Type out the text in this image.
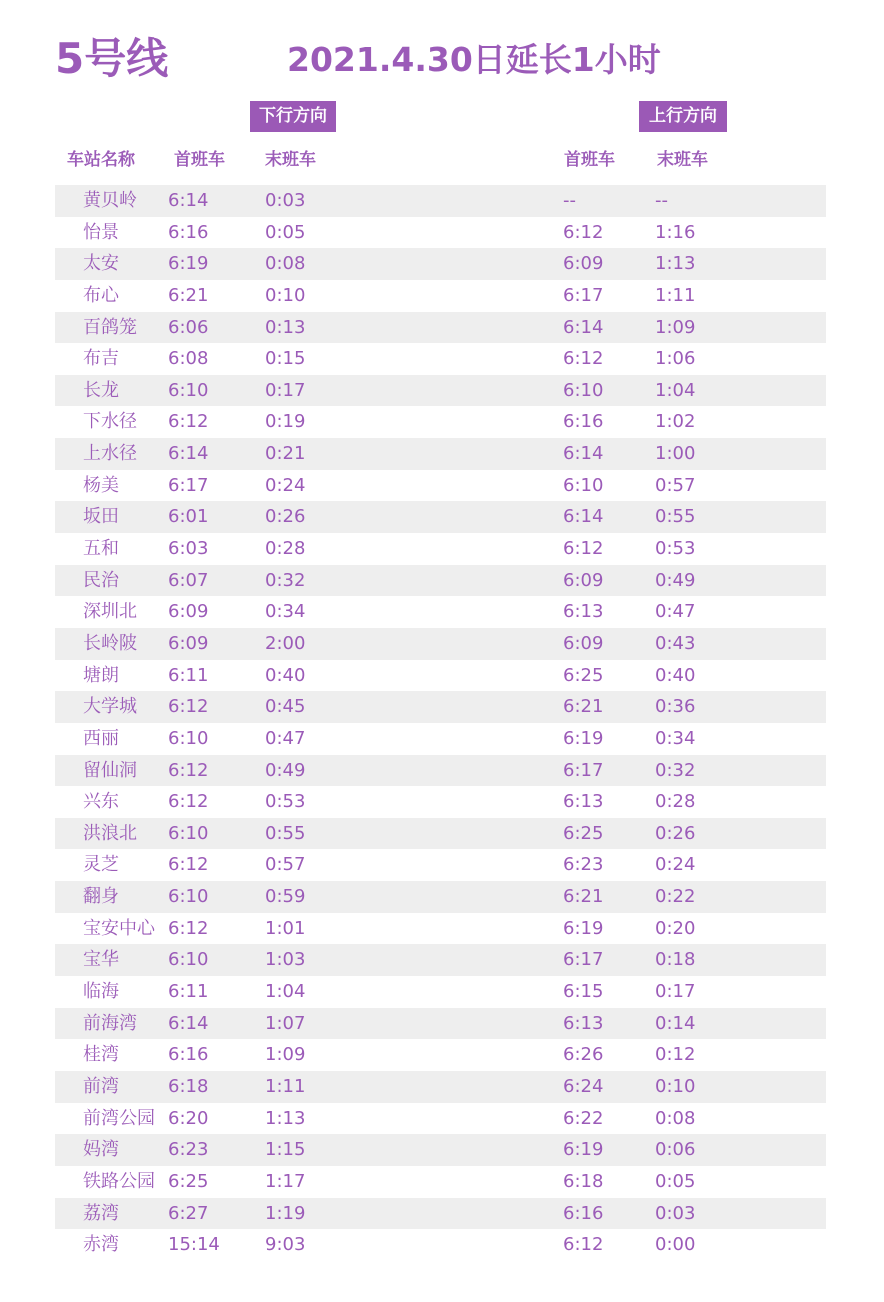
5号线	2021.4.30日延长1小时
下行方向	上行方向
车站名称 首班车 末班车	首班车 末班车
黄贝岭 6:14	0:03	--	--
怡景	6:16	0:05	6:12	1:16
太安	6:19	0:08	6:09	1:13
布心	6:21	0:10	6:17	1:11
百鸽笼 6:06	0:13	6:14	1:09
布吉	6:08	0:15	6:12	1:06
长龙	6:10	0:17	6:10	1:04
下水径 6:12	0:19	6:16	1:02
上水径 6:14	0:21	6:14	1:00
杨美	6:17	0:24	6:10	0:57
坂田	6:01	0:26	6:14	0:55
五和	6:03	0:28	6:12	0:53
民治	6:07	0:32	6:09	0:49
深圳北 6:09	0:34	6:13	0:47
长岭陂 6:09	2:00	6:09	0:43
塘朗	6:11	0:40	6:25	0:40
大学城 6:12	0:45	6:21	0:36
西丽	6:10	0:47	6:19	0:34
留仙洞 6:12	0:49	6:17	0:32
兴东	6:12	0:53	6:13	0:28
洪浪北 6:10	0:55	6:25	0:26
灵芝	6:12	0:57	6:23	0:24
翻身	6:10	0:59	6:21	0:22
宝安中心 6:12	1:01	6:19	0:20
宝华	6:10	1:03	6:17	0:18
临海	6:11	1:04	6:15	0:17
前海湾 6:14	1:07	6:13	0:14
桂湾	6:16	1:09	6:26	0:12
前湾	6:18	1:11	6:24	0:10
前湾公园 6:20	1:13	6:22	0:08
妈湾	6:23	1:15	6:19	0:06
铁路公园 6:25	1:17	6:18	0:05
荔湾	6:27	1:19	6:16	0:03
赤湾	15:14	9:03	6:12	0:00
